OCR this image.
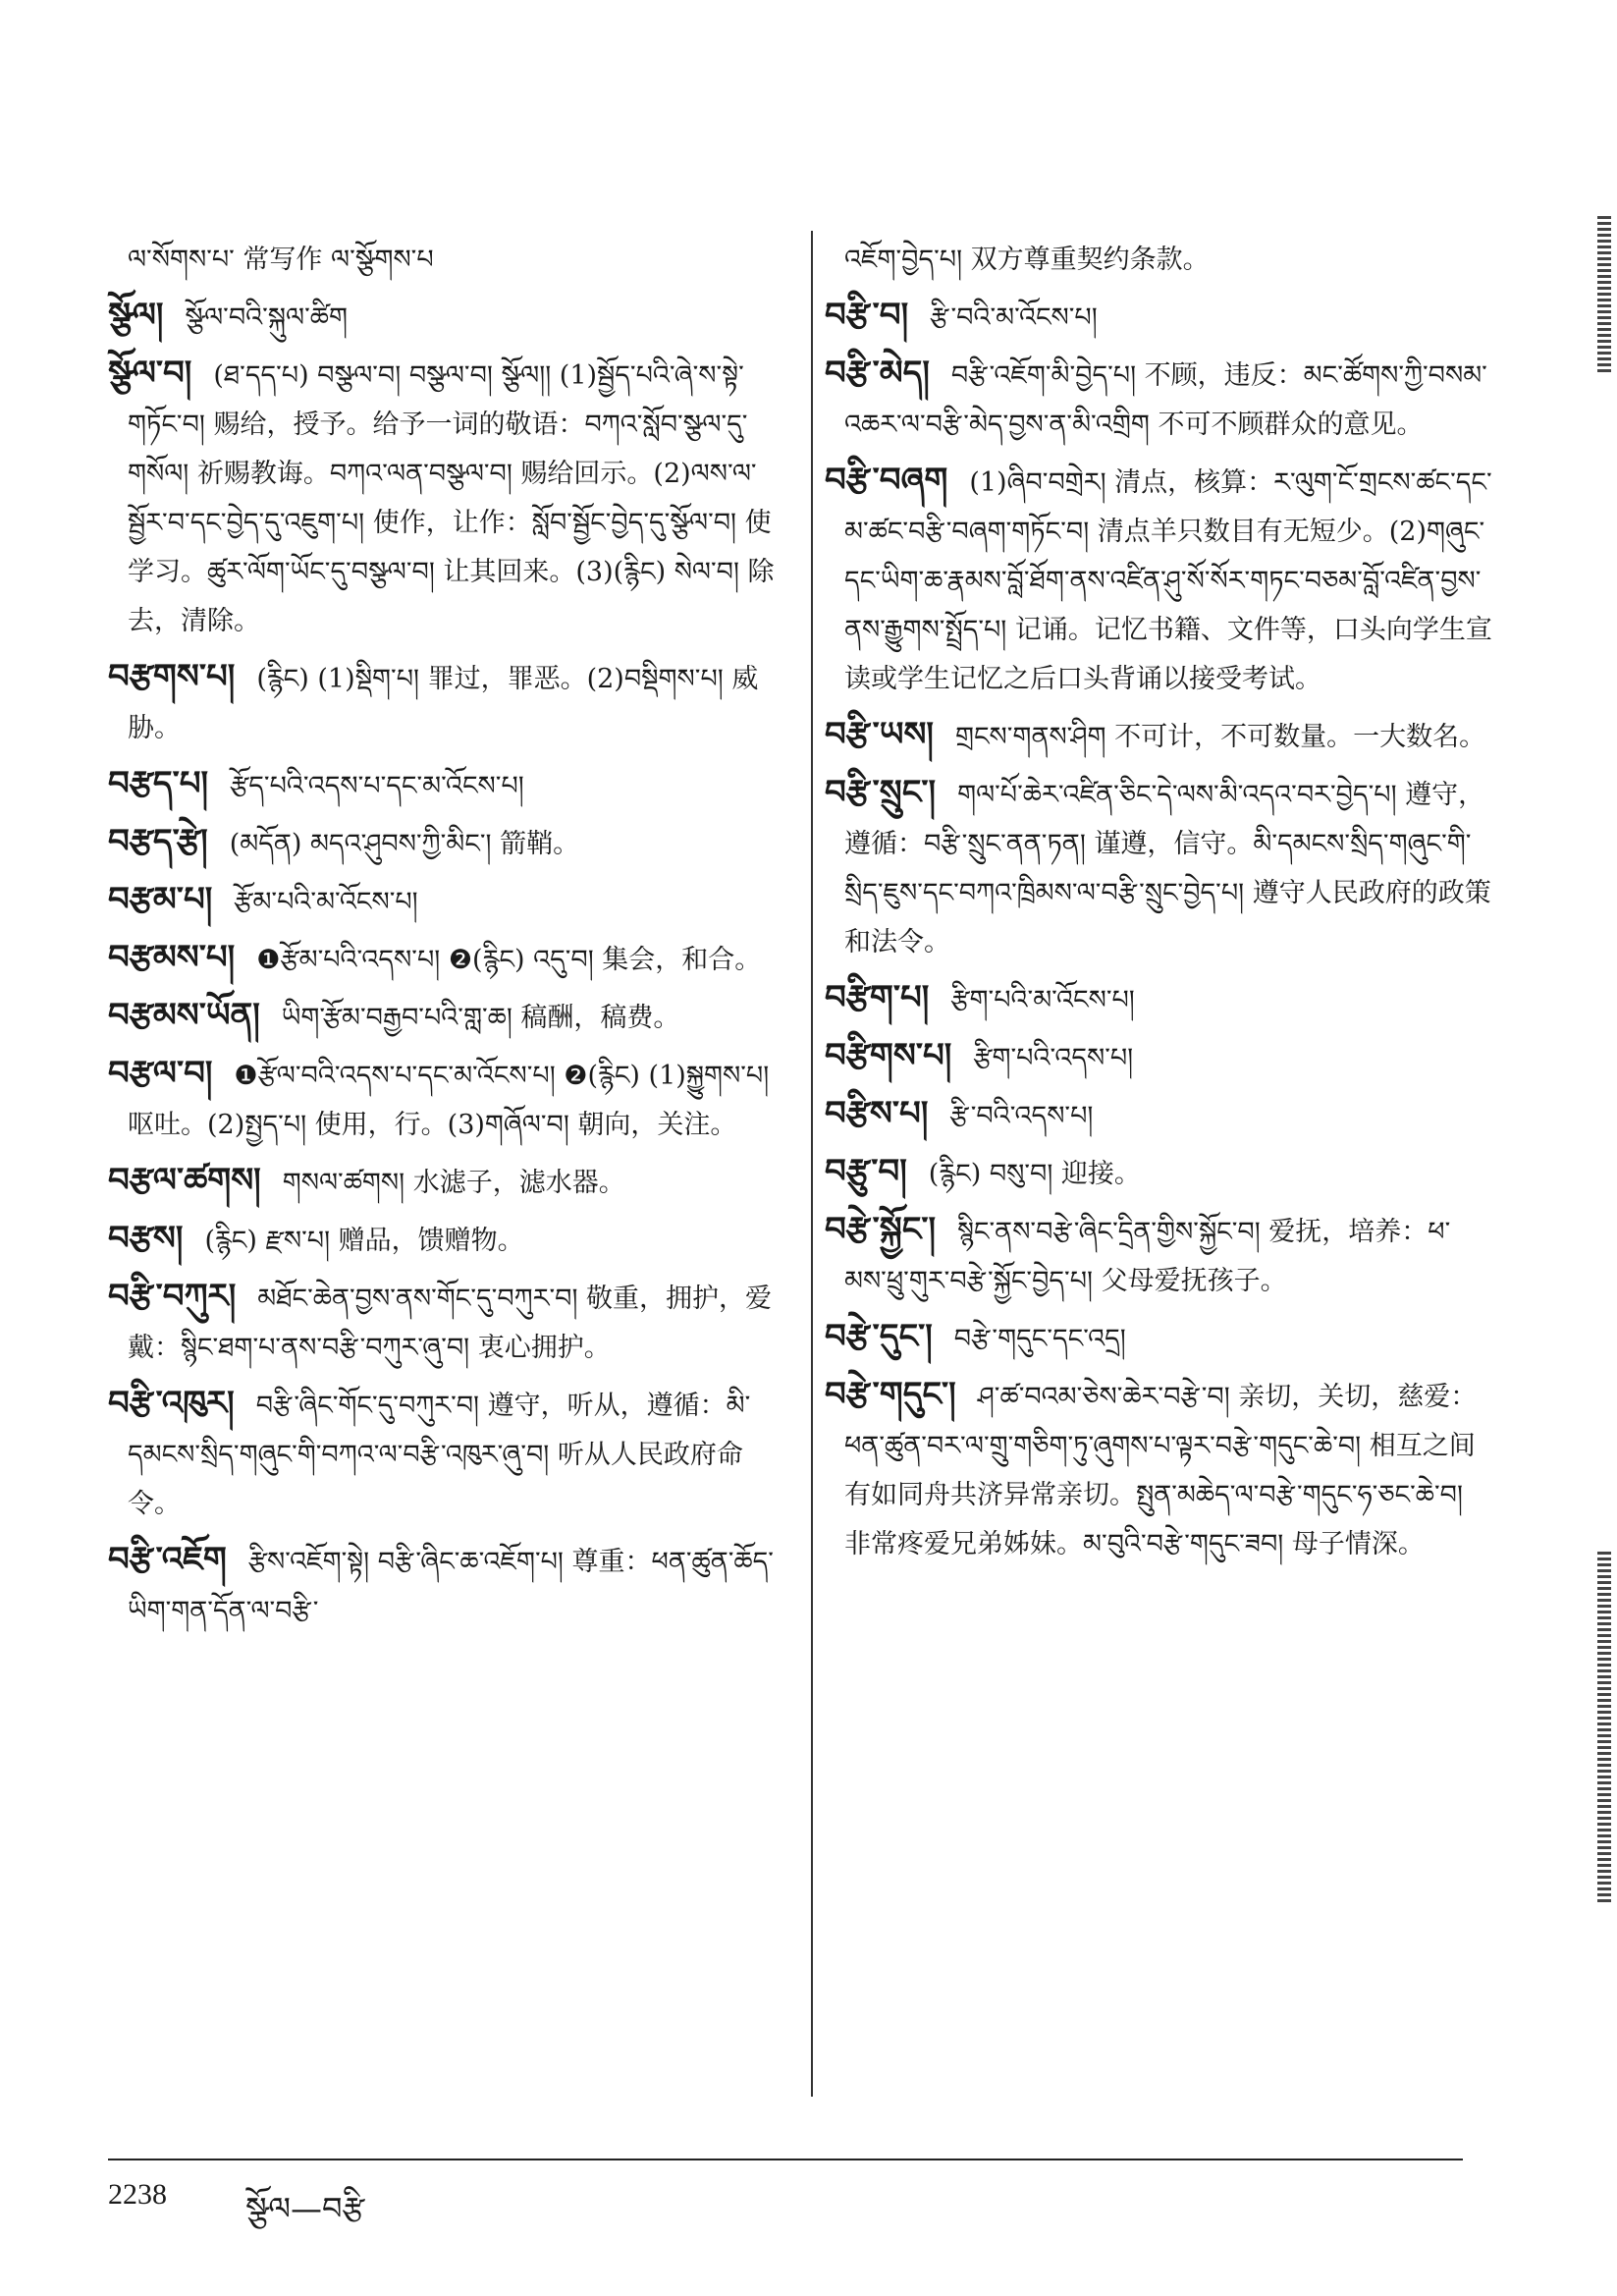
ལ་སོགས་པ་ 常写作 ལ་སྩོགས་པ
སྩོལ། སྩོལ་བའི་སྐུལ་ཚིག
སྩོལ་བ། (ཐ་དད་པ) བསྩལ་བ། བསྩལ་བ། སྩོལ།། (1)སྦྱོད་པའི་ཞེ་ས་སྟེ་གཏོང་བ། 赐给，授予。给予一词的敬语：བཀའ་སློབ་སྩལ་དུ་གསོལ། 祈赐教诲。བཀའ་ལན་བསྩལ་བ། 赐给回示。(2)ལས་ལ་སྦྱོར་བ་དང་བྱེད་དུ་འཇུག་པ། 使作，让作：སློབ་སྦྱོང་བྱེད་དུ་སྩོལ་བ། 使学习。ཚུར་ལོག་ཡོང་དུ་བསྩལ་བ། 让其回来。(3)(རྙིང) སེལ་བ། 除去，清除。
བརྩགས་པ། (རྙིང) (1)སྡིག་པ། 罪过，罪恶。(2)བསྡིགས་པ། 威胁。
བརྩད་པ། རྩོད་པའི་འདས་པ་དང་མ་འོངས་པ།
བརྩད་རྩེ། (མདོན) མདའ་ཤུབས་ཀྱི་མིང་། 箭鞘。
བརྩམ་པ། རྩོམ་པའི་མ་འོངས་པ།
བརྩམས་པ། ❶རྩོམ་པའི་འདས་པ། ❷(རྙིང) འདུ་བ། 集会，和合。
བརྩམས་ཡོན། ཡིག་རྩོམ་བརྒྱབ་པའི་གླ་ཆ། 稿酬，稿费。
བརྩལ་བ། ❶རྩོལ་བའི་འདས་པ་དང་མ་འོངས་པ། ❷(རྙིང) (1)སྐྱུགས་པ། 呕吐。(2)སྤྱད་པ། 使用，行。(3)གཞོལ་བ། 朝向，关注。
བརྩལ་ཚགས། གསལ་ཚགས། 水滤子，滤水器。
བརྩས། (རྙིང) རྫས་པ། 赠品，馈赠物。
བརྩི་བཀུར། མཐོང་ཆེན་བྱས་ནས་གོང་དུ་བཀུར་བ། 敬重，拥护，爱戴：སྙིང་ཐག་པ་ནས་བརྩི་བཀུར་ཞུ་བ། 衷心拥护。
བརྩི་འཁུར། བརྩི་ཞིང་གོང་དུ་བཀུར་བ། 遵守，听从，遵循：མི་དམངས་སྲིད་གཞུང་གི་བཀའ་ལ་བརྩི་འཁུར་ཞུ་བ། 听从人民政府命令。
བརྩི་འཇོག རྩིས་འཇོག་སྟེ། བརྩི་ཞིང་ཆ་འཇོག་པ། 尊重：ཕན་ཚུན་ཆོད་ཡིག་གན་དོན་ལ་བརྩི་
འཇོག་བྱེད་པ། 双方尊重契约条款。
བརྩི་བ། རྩི་བའི་མ་འོངས་པ།
བརྩི་མེད། བརྩི་འཇོག་མི་བྱེད་པ། 不顾，违反：མང་ཚོགས་ཀྱི་བསམ་འཆར་ལ་བརྩི་མེད་བྱས་ན་མི་འགྲིག 不可不顾群众的意见。
བརྩི་བཞག (1)ཞིབ་བགྲེར། 清点，核算：ར་ལུག་ངོ་གྲངས་ཚང་དང་མ་ཚང་བརྩི་བཞག་གཏོང་བ། 清点羊只数目有无短少。(2)གཞུང་དང་ཡིག་ཆ་རྣམས་བློ་ཐོག་ནས་འཛིན་ཤུ་སོ་སོར་གཏང་བཅམ་བློ་འཛིན་བྱས་ནས་རྒྱུགས་སྤྲོད་པ། 记诵。记忆书籍、文件等，口头向学生宣读或学生记忆之后口头背诵以接受考试。
བརྩི་ཡས། གྲངས་གནས་ཤིག 不可计，不可数量。一大数名。
བརྩི་སྲུང་། གལ་པོ་ཆེར་འཛིན་ཅིང་དེ་ལས་མི་འདའ་བར་བྱེད་པ། 遵守，遵循：བརྩི་སྲུང་ནན་ཏན། 谨遵，信守。མི་དམངས་སྲིད་གཞུང་གི་སྲིད་ཇུས་དང་བཀའ་ཁྲིམས་ལ་བརྩི་སྲུང་བྱེད་པ། 遵守人民政府的政策和法令。
བརྩིག་པ། རྩིག་པའི་མ་འོངས་པ།
བརྩིགས་པ། རྩིག་པའི་འདས་པ།
བརྩིས་པ། རྩི་བའི་འདས་པ།
བརྩུ་བ། (རྙིང) བསུ་བ། 迎接。
བརྩེ་སྐྱོང་། སྙིང་ནས་བརྩེ་ཞིང་དྲིན་གྱིས་སྐྱོང་བ། 爱抚，培养：ཕ་མས་ཕྲུ་གུར་བརྩེ་སྐྱོང་བྱེད་པ། 父母爱抚孩子。
བརྩེ་དུང་། བརྩེ་གདུང་དང་འདྲ།
བརྩེ་གདུང་། ཤ་ཚ་བའམ་ཅེས་ཆེར་བརྩེ་བ། 亲切，关切，慈爱：ཕན་ཚུན་བར་ལ་གྲུ་གཅིག་ཏུ་ཞུགས་པ་ལྟར་བརྩེ་གདུང་ཆེ་བ། 相互之间有如同舟共济异常亲切。སྤུན་མཆེད་ལ་བརྩེ་གདུང་ཧ་ཅང་ཆེ་བ། 非常疼爱兄弟姊妹。མ་བུའི་བརྩེ་གདུང་ཟབ། 母子情深。
2238	སྩོལ—བརྩི
